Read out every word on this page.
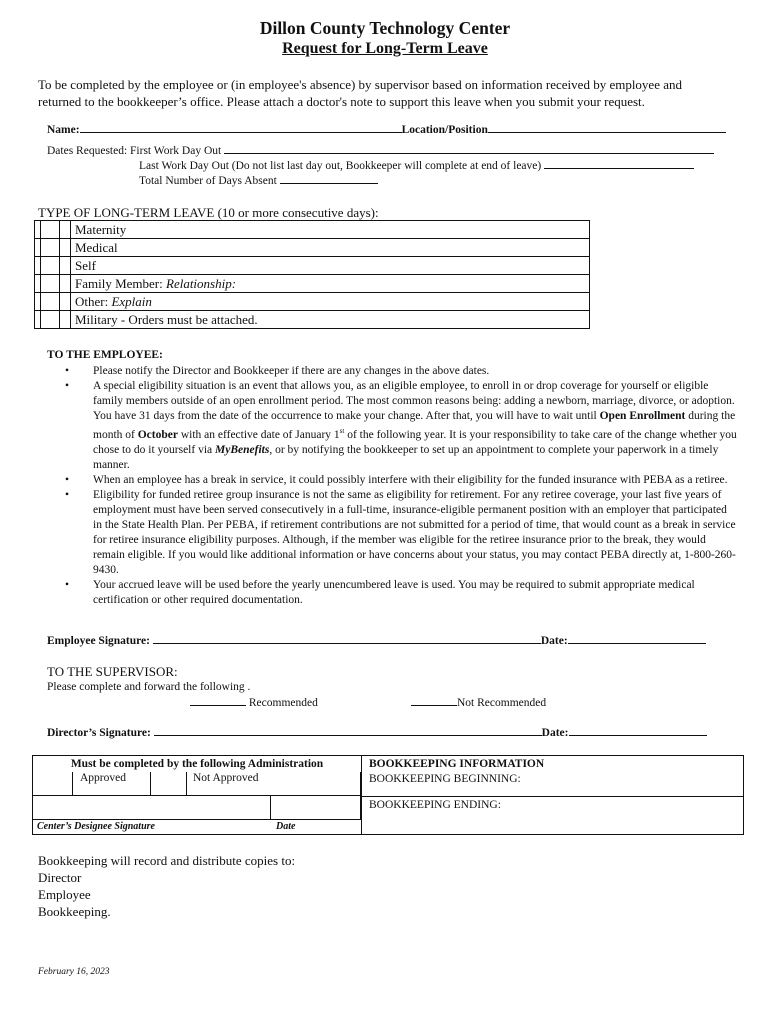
Dillon County Technology Center
Request for Long-Term Leave
To be completed by the employee or (in employee's absence) by supervisor based on information received by employee and
returned to the bookkeeper’s office. Please attach a doctor's note to support this leave when you submit your request.
Name:	Location/Position
Dates Requested: First Work Day Out
Last Work Day Out (Do not list last day out, Bookkeeper will complete at end of leave)
Total Number of Days Absent
TYPE OF LONG-TERM LEAVE (10 or more consecutive days):
Maternity
Medical
Self
Family Member: Relationship:
Other: Explain
Military - Orders must be attached.
TO THE EMPLOYEE:
• Please notify the Director and Bookkeeper if there are any changes in the above dates.
• A special eligibility situation is an event that allows you, as an eligible employee, to enroll in or drop coverage for yourself or eligible family members outside of an open enrollment period. The most common reasons being: adding a newborn, marriage, divorce, or adoption. You have 31 days from the date of the occurrence to make your change. After that, you will have to wait until Open Enrollment during the month of October with an effective date of January 1st of the following year. It is your responsibility to take care of the change whether you chose to do it yourself via MyBenefits, or by notifying the bookkeeper to set up an appointment to complete your paperwork in a timely manner.
• When an employee has a break in service, it could possibly interfere with their eligibility for the funded insurance with PEBA as a retiree.
• Eligibility for funded retiree group insurance is not the same as eligibility for retirement. For any retiree coverage, your last five years of employment must have been served consecutively in a full-time, insurance-eligible permanent position with an employer that participated in the State Health Plan. Per PEBA, if retirement contributions are not submitted for a period of time, that would count as a break in service for retiree insurance eligibility purposes. Although, if the member was eligible for the retiree insurance prior to the break, they would remain eligible. If you would like additional information or have concerns about your status, you may contact PEBA directly at, 1-800-260-9430.
• Your accrued leave will be used before the yearly unencumbered leave is used. You may be required to submit appropriate medical certification or other required documentation.
Employee Signature:	Date:
TO THE SUPERVISOR:
Please complete and forward the following .
Recommended	Not Recommended
Director’s Signature:	Date:
Must be completed by the following Administration
Approved	Not Approved
Center’s Designee Signature	Date
BOOKKEEPING INFORMATION
BOOKKEEPING BEGINNING:
BOOKKEEPING ENDING:
Bookkeeping will record and distribute copies to:
Director
Employee
Bookkeeping.
February 16, 2023
